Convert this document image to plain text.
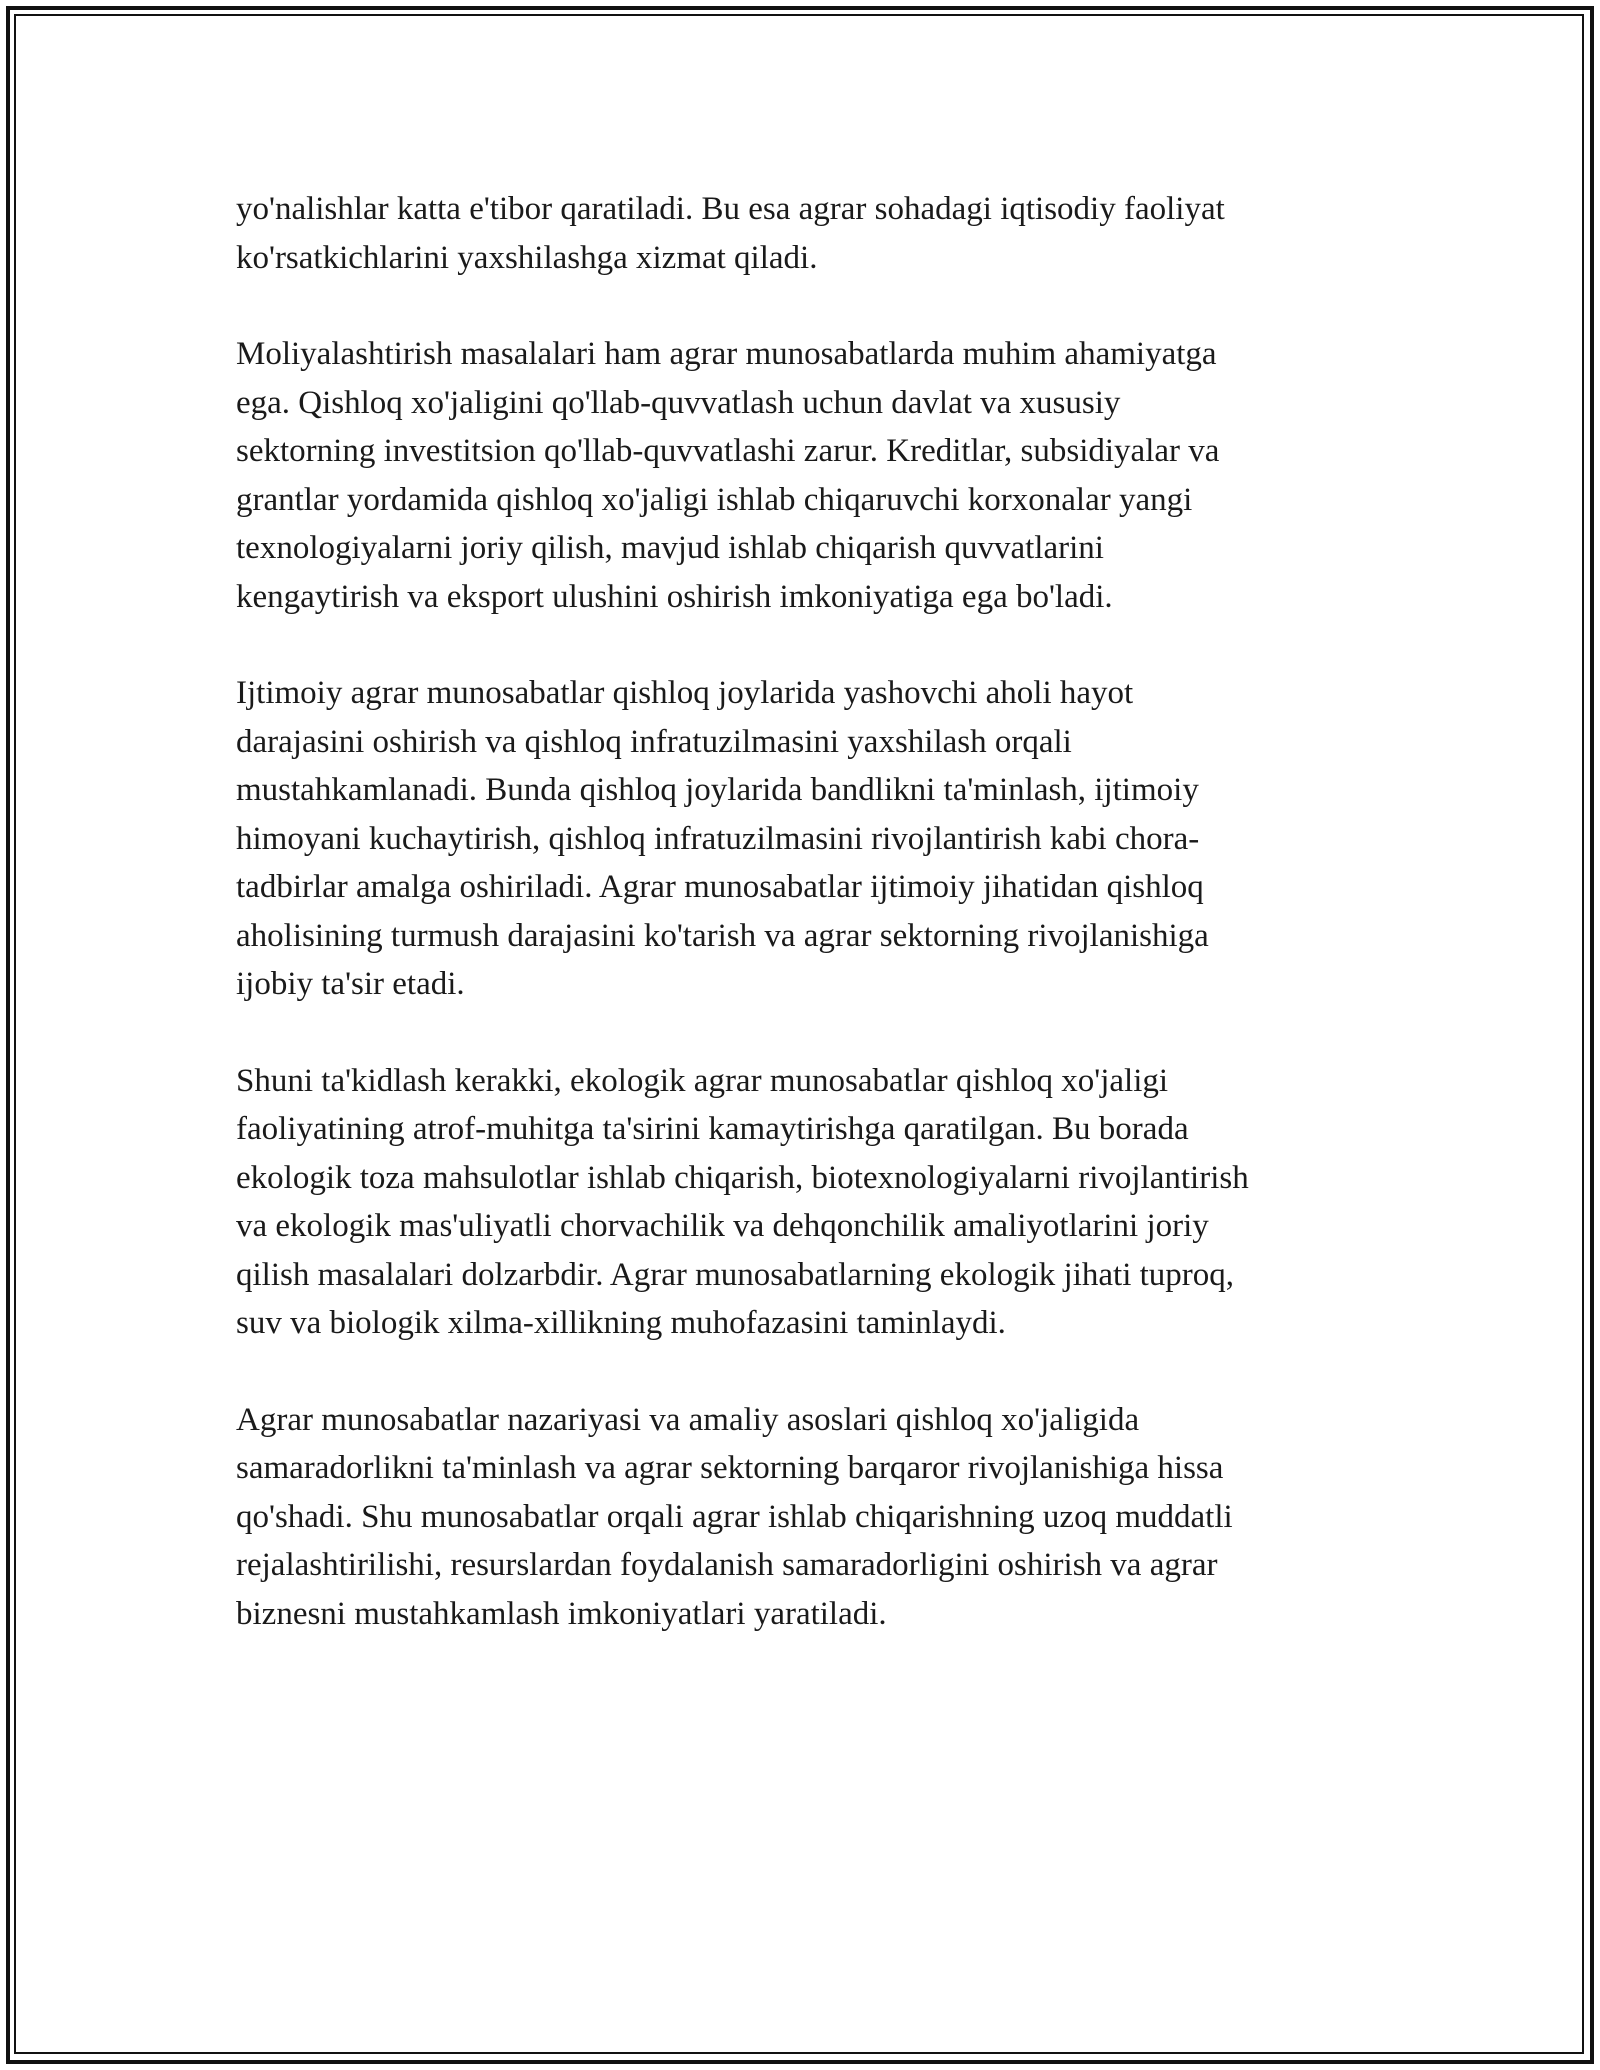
yo'nalishlar katta e'tibor qaratiladi. Bu esa agrar sohadagi iqtisodiy faoliyat
ko'rsatkichlarini yaxshilashga xizmat qiladi.

Moliyalashtirish masalalari ham agrar munosabatlarda muhim ahamiyatga
ega. Qishloq xo'jaligini qo'llab-quvvatlash uchun davlat va xususiy
sektorning investitsion qo'llab-quvvatlashi zarur. Kreditlar, subsidiyalar va
grantlar yordamida qishloq xo'jaligi ishlab chiqaruvchi korxonalar yangi
texnologiyalarni joriy qilish, mavjud ishlab chiqarish quvvatlarini
kengaytirish va eksport ulushini oshirish imkoniyatiga ega bo'ladi.

Ijtimoiy agrar munosabatlar qishloq joylarida yashovchi aholi hayot
darajasini oshirish va qishloq infratuzilmasini yaxshilash orqali
mustahkamlanadi. Bunda qishloq joylarida bandlikni ta'minlash, ijtimoiy
himoyani kuchaytirish, qishloq infratuzilmasini rivojlantirish kabi chora-
tadbirlar amalga oshiriladi. Agrar munosabatlar ijtimoiy jihatidan qishloq
aholisining turmush darajasini ko'tarish va agrar sektorning rivojlanishiga
ijobiy ta'sir etadi.

Shuni ta'kidlash kerakki, ekologik agrar munosabatlar qishloq xo'jaligi
faoliyatining atrof-muhitga ta'sirini kamaytirishga qaratilgan. Bu borada
ekologik toza mahsulotlar ishlab chiqarish, biotexnologiyalarni rivojlantirish
va ekologik mas'uliyatli chorvachilik va dehqonchilik amaliyotlarini joriy
qilish masalalari dolzarbdir. Agrar munosabatlarning ekologik jihati tuproq,
suv va biologik xilma-xillikning muhofazasini taminlaydi.

Agrar munosabatlar nazariyasi va amaliy asoslari qishloq xo'jaligida
samaradorlikni ta'minlash va agrar sektorning barqaror rivojlanishiga hissa
qo'shadi. Shu munosabatlar orqali agrar ishlab chiqarishning uzoq muddatli
rejalashtirilishi, resurslardan foydalanish samaradorligini oshirish va agrar
biznesni mustahkamlash imkoniyatlari yaratiladi.
